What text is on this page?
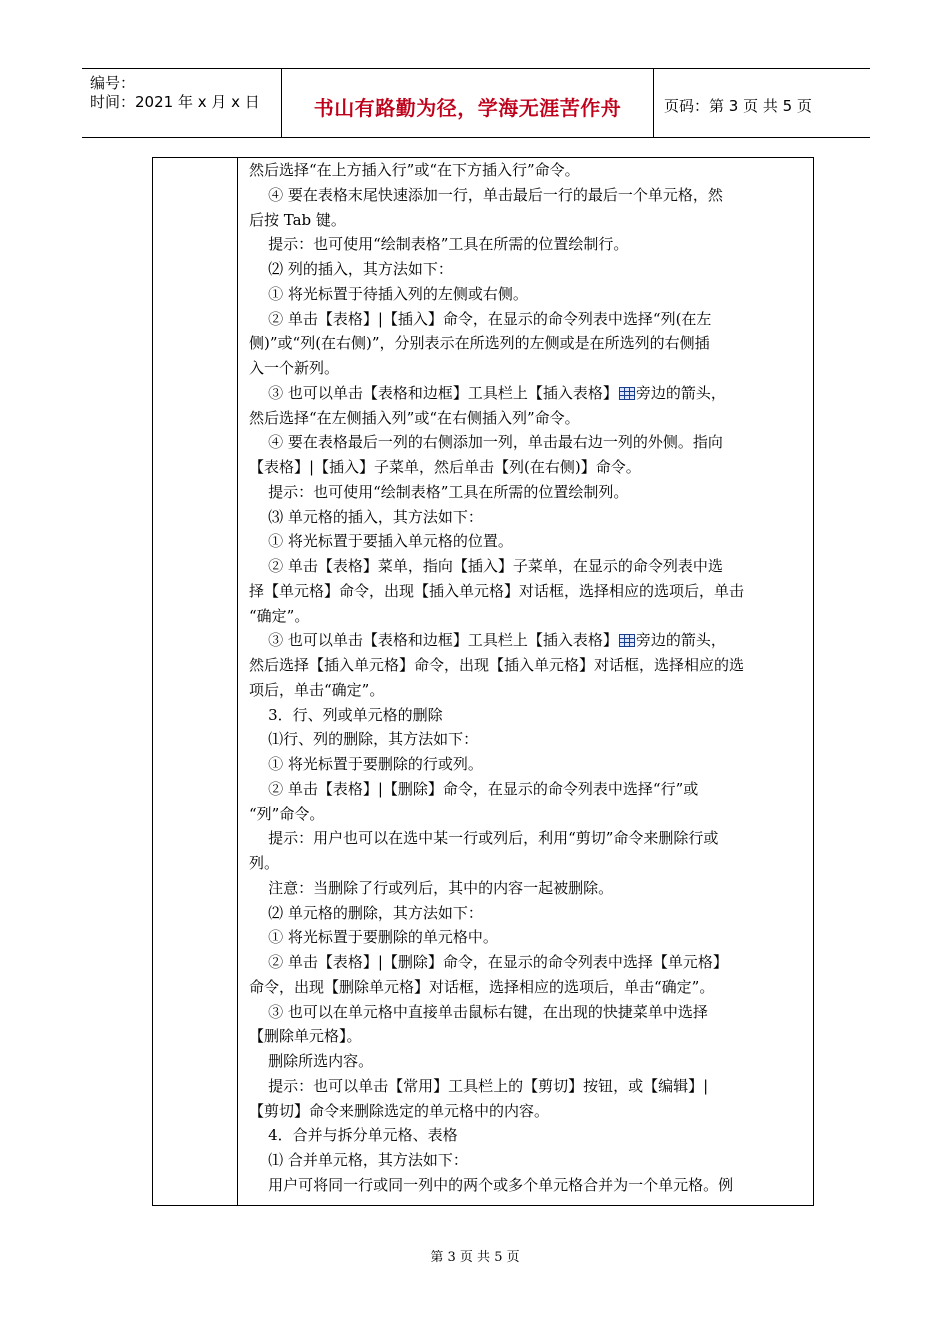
编号：
时间：2021 年 x 月 x 日	书山有路勤为径，学海无涯苦作舟	页码：第 3 页 共 5 页
然后选择“在上方插入行”或“在下方插入行”命令。
④ 要在表格末尾快速添加一行，单击最后一行的最后一个单元格，然
后按 Tab 键。
提示：也可使用“绘制表格”工具在所需的位置绘制行。
⑵ 列的插入，其方法如下：
① 将光标置于待插入列的左侧或右侧。
② 单击【表格】|【插入】命令，在显示的命令列表中选择“列(在左
侧)”或“列(在右侧)”，分别表示在所选列的左侧或是在所选列的右侧插
入一个新列。
③ 也可以单击【表格和边框】工具栏上【插入表格】 旁边的箭头，
然后选择“在左侧插入列”或“在右侧插入列”命令。
④ 要在表格最后一列的右侧添加一列，单击最右边一列的外侧。指向
【表格】|【插入】子菜单，然后单击【列(在右侧)】命令。
提示：也可使用“绘制表格”工具在所需的位置绘制列。
⑶ 单元格的插入，其方法如下：
① 将光标置于要插入单元格的位置。
② 单击【表格】菜单，指向【插入】子菜单，在显示的命令列表中选
择【单元格】命令，出现【插入单元格】对话框，选择相应的选项后，单击
“确定”。
③ 也可以单击【表格和边框】工具栏上【插入表格】 旁边的箭头，
然后选择【插入单元格】命令，出现【插入单元格】对话框，选择相应的选
项后，单击“确定”。
3．行、列或单元格的删除
⑴行、列的删除，其方法如下：
① 将光标置于要删除的行或列。
② 单击【表格】|【删除】命令，在显示的命令列表中选择“行”或
“列”命令。
提示：用户也可以在选中某一行或列后，利用“剪切”命令来删除行或
列。
注意：当删除了行或列后，其中的内容一起被删除。
⑵ 单元格的删除，其方法如下：
① 将光标置于要删除的单元格中。
② 单击【表格】|【删除】命令，在显示的命令列表中选择【单元格】
命令，出现【删除单元格】对话框，选择相应的选项后，单击“确定”。
③ 也可以在单元格中直接单击鼠标右键，在出现的快捷菜单中选择
【删除单元格】。
删除所选内容。
提示：也可以单击【常用】工具栏上的【剪切】按钮，或【编辑】|
【剪切】命令来删除选定的单元格中的内容。
4．合并与拆分单元格、表格
⑴ 合并单元格，其方法如下：
用户可将同一行或同一列中的两个或多个单元格合并为一个单元格。例
第 3 页 共 5 页
